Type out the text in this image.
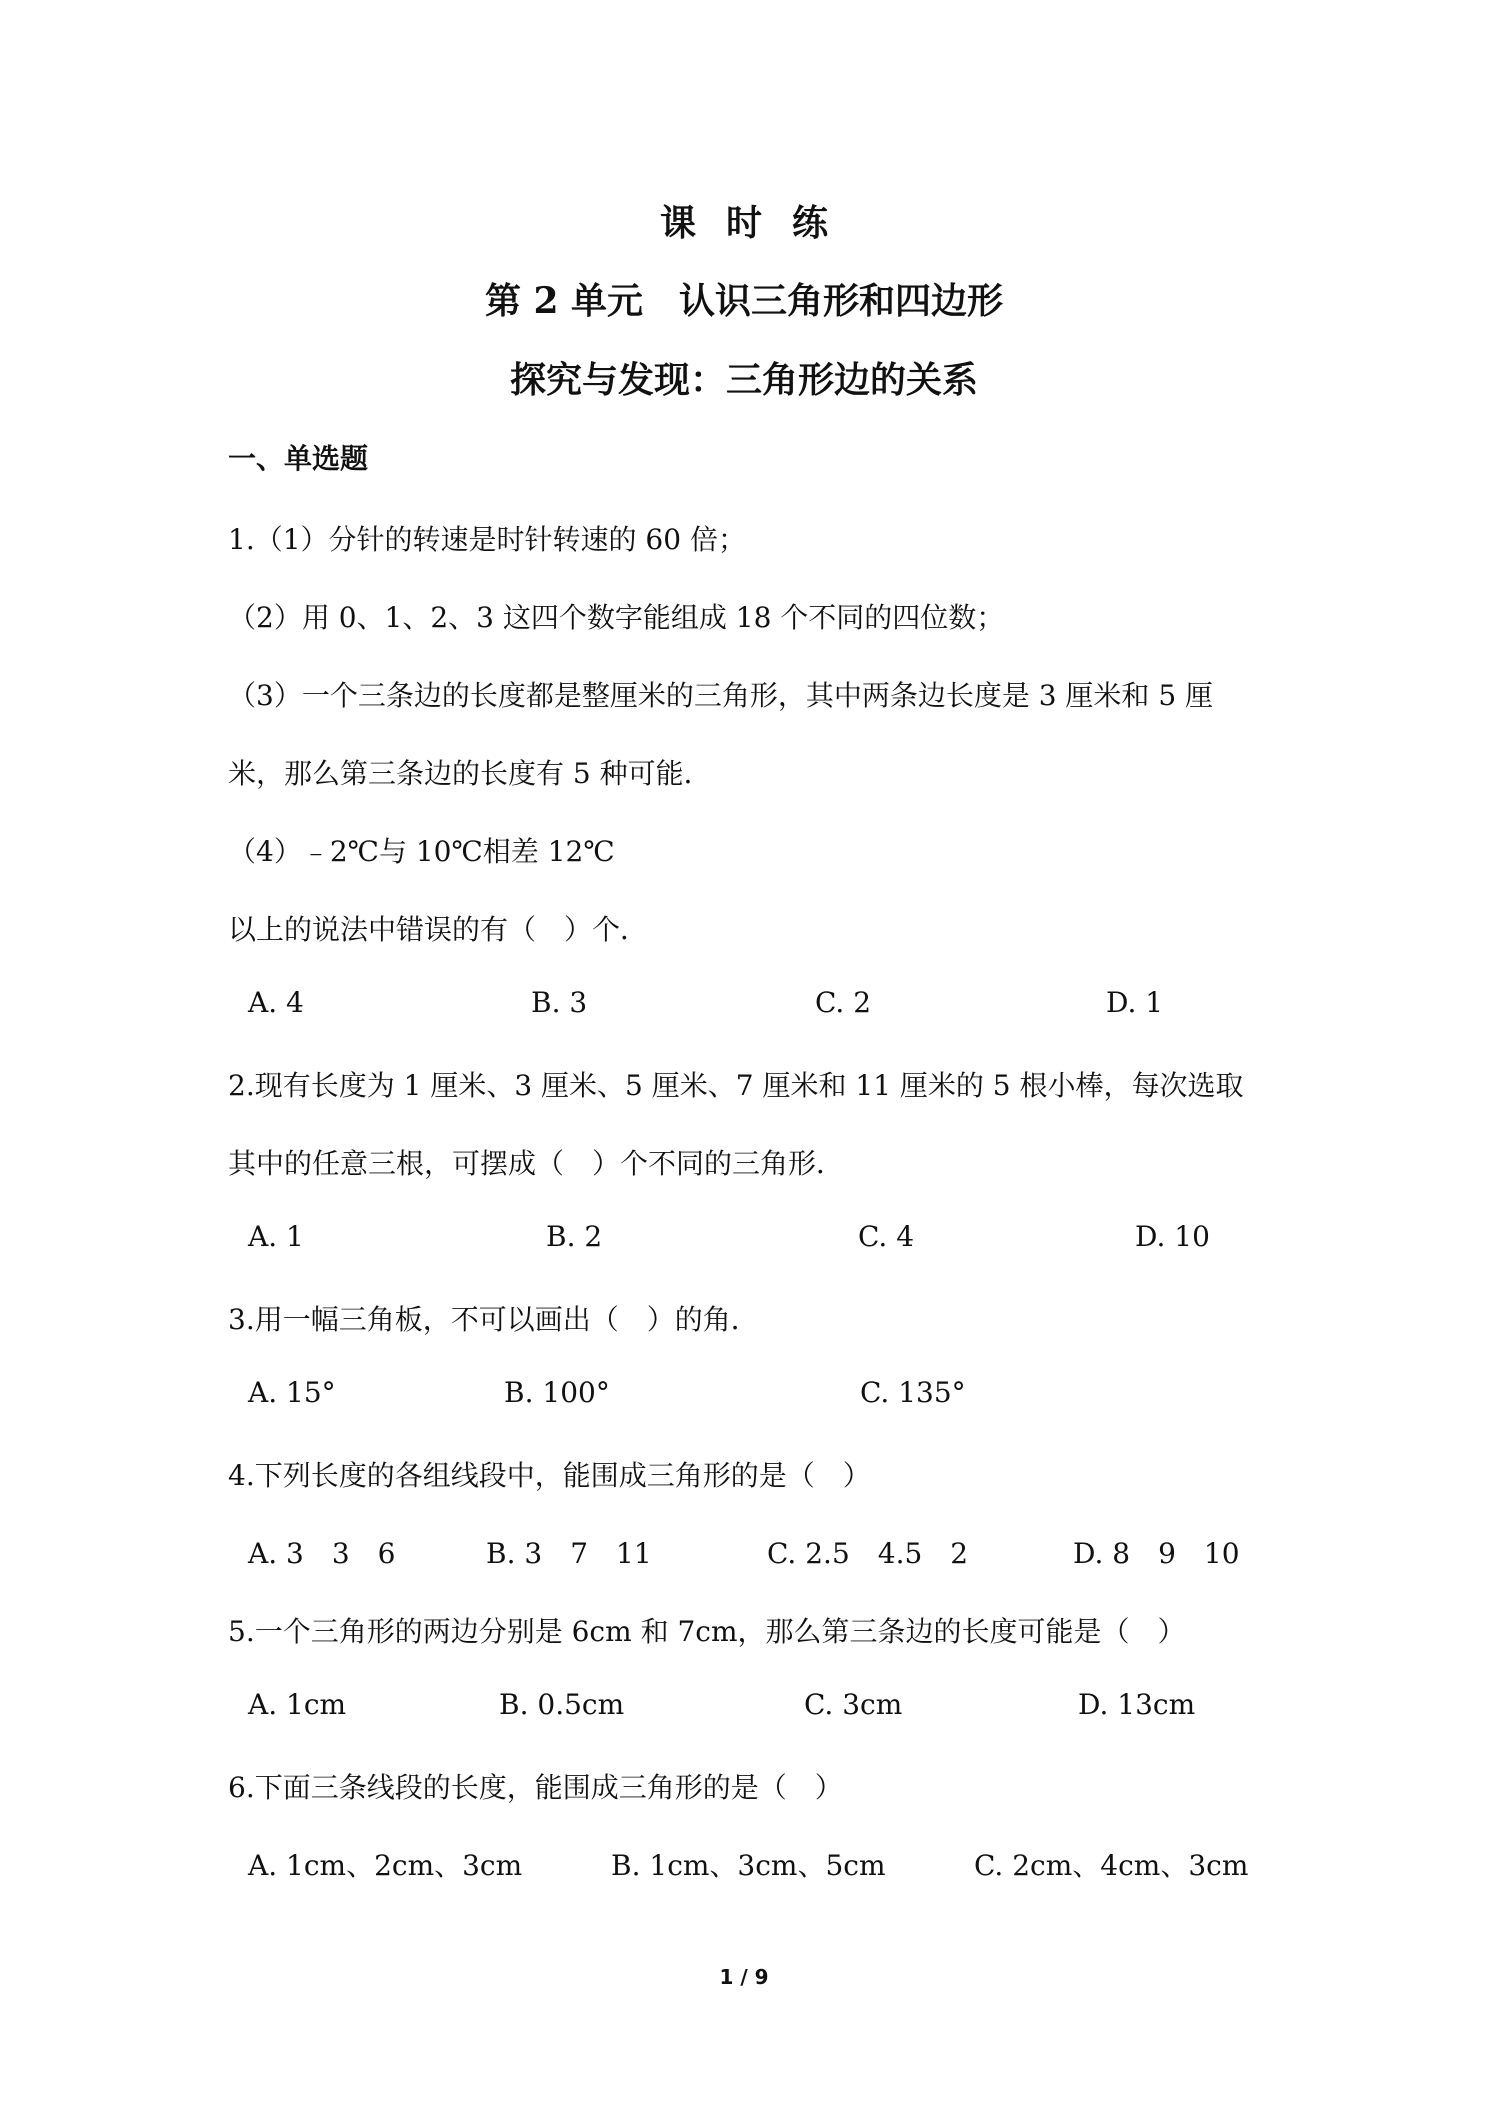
课时练
第 2 单元　认识三角形和四边形
探究与发现：三角形边的关系
一、单选题
1.（1）分针的转速是时针转速的 60 倍；
（2）用 0、1、2、3 这四个数字能组成 18 个不同的四位数；
（3）一个三条边的长度都是整厘米的三角形，其中两条边长度是 3 厘米和 5 厘
米，那么第三条边的长度有 5 种可能．
（4）﹣2℃与 10℃相差 12℃
以上的说法中错误的有（　）个．
A. 4	B. 3	C. 2	D. 1
2.现有长度为 1 厘米、3 厘米、5 厘米、7 厘米和 11 厘米的 5 根小棒，每次选取
其中的任意三根，可摆成（　）个不同的三角形．
A. 1	B. 2	C. 4	D. 10
3.用一幅三角板，不可以画出（　）的角．
A. 15°	B. 100°	C. 135°
4.下列长度的各组线段中，能围成三角形的是（　）
A. 3　3　6	B. 3　7　11	C. 2.5　4.5　2	D. 8　9　10
5.一个三角形的两边分别是 6cm 和 7cm，那么第三条边的长度可能是（　）
A. 1cm	B. 0.5cm	C. 3cm	D. 13cm
6.下面三条线段的长度，能围成三角形的是（　）
A. 1cm、2cm、3cm	B. 1cm、3cm、5cm	C. 2cm、4cm、3cm
1 / 9
